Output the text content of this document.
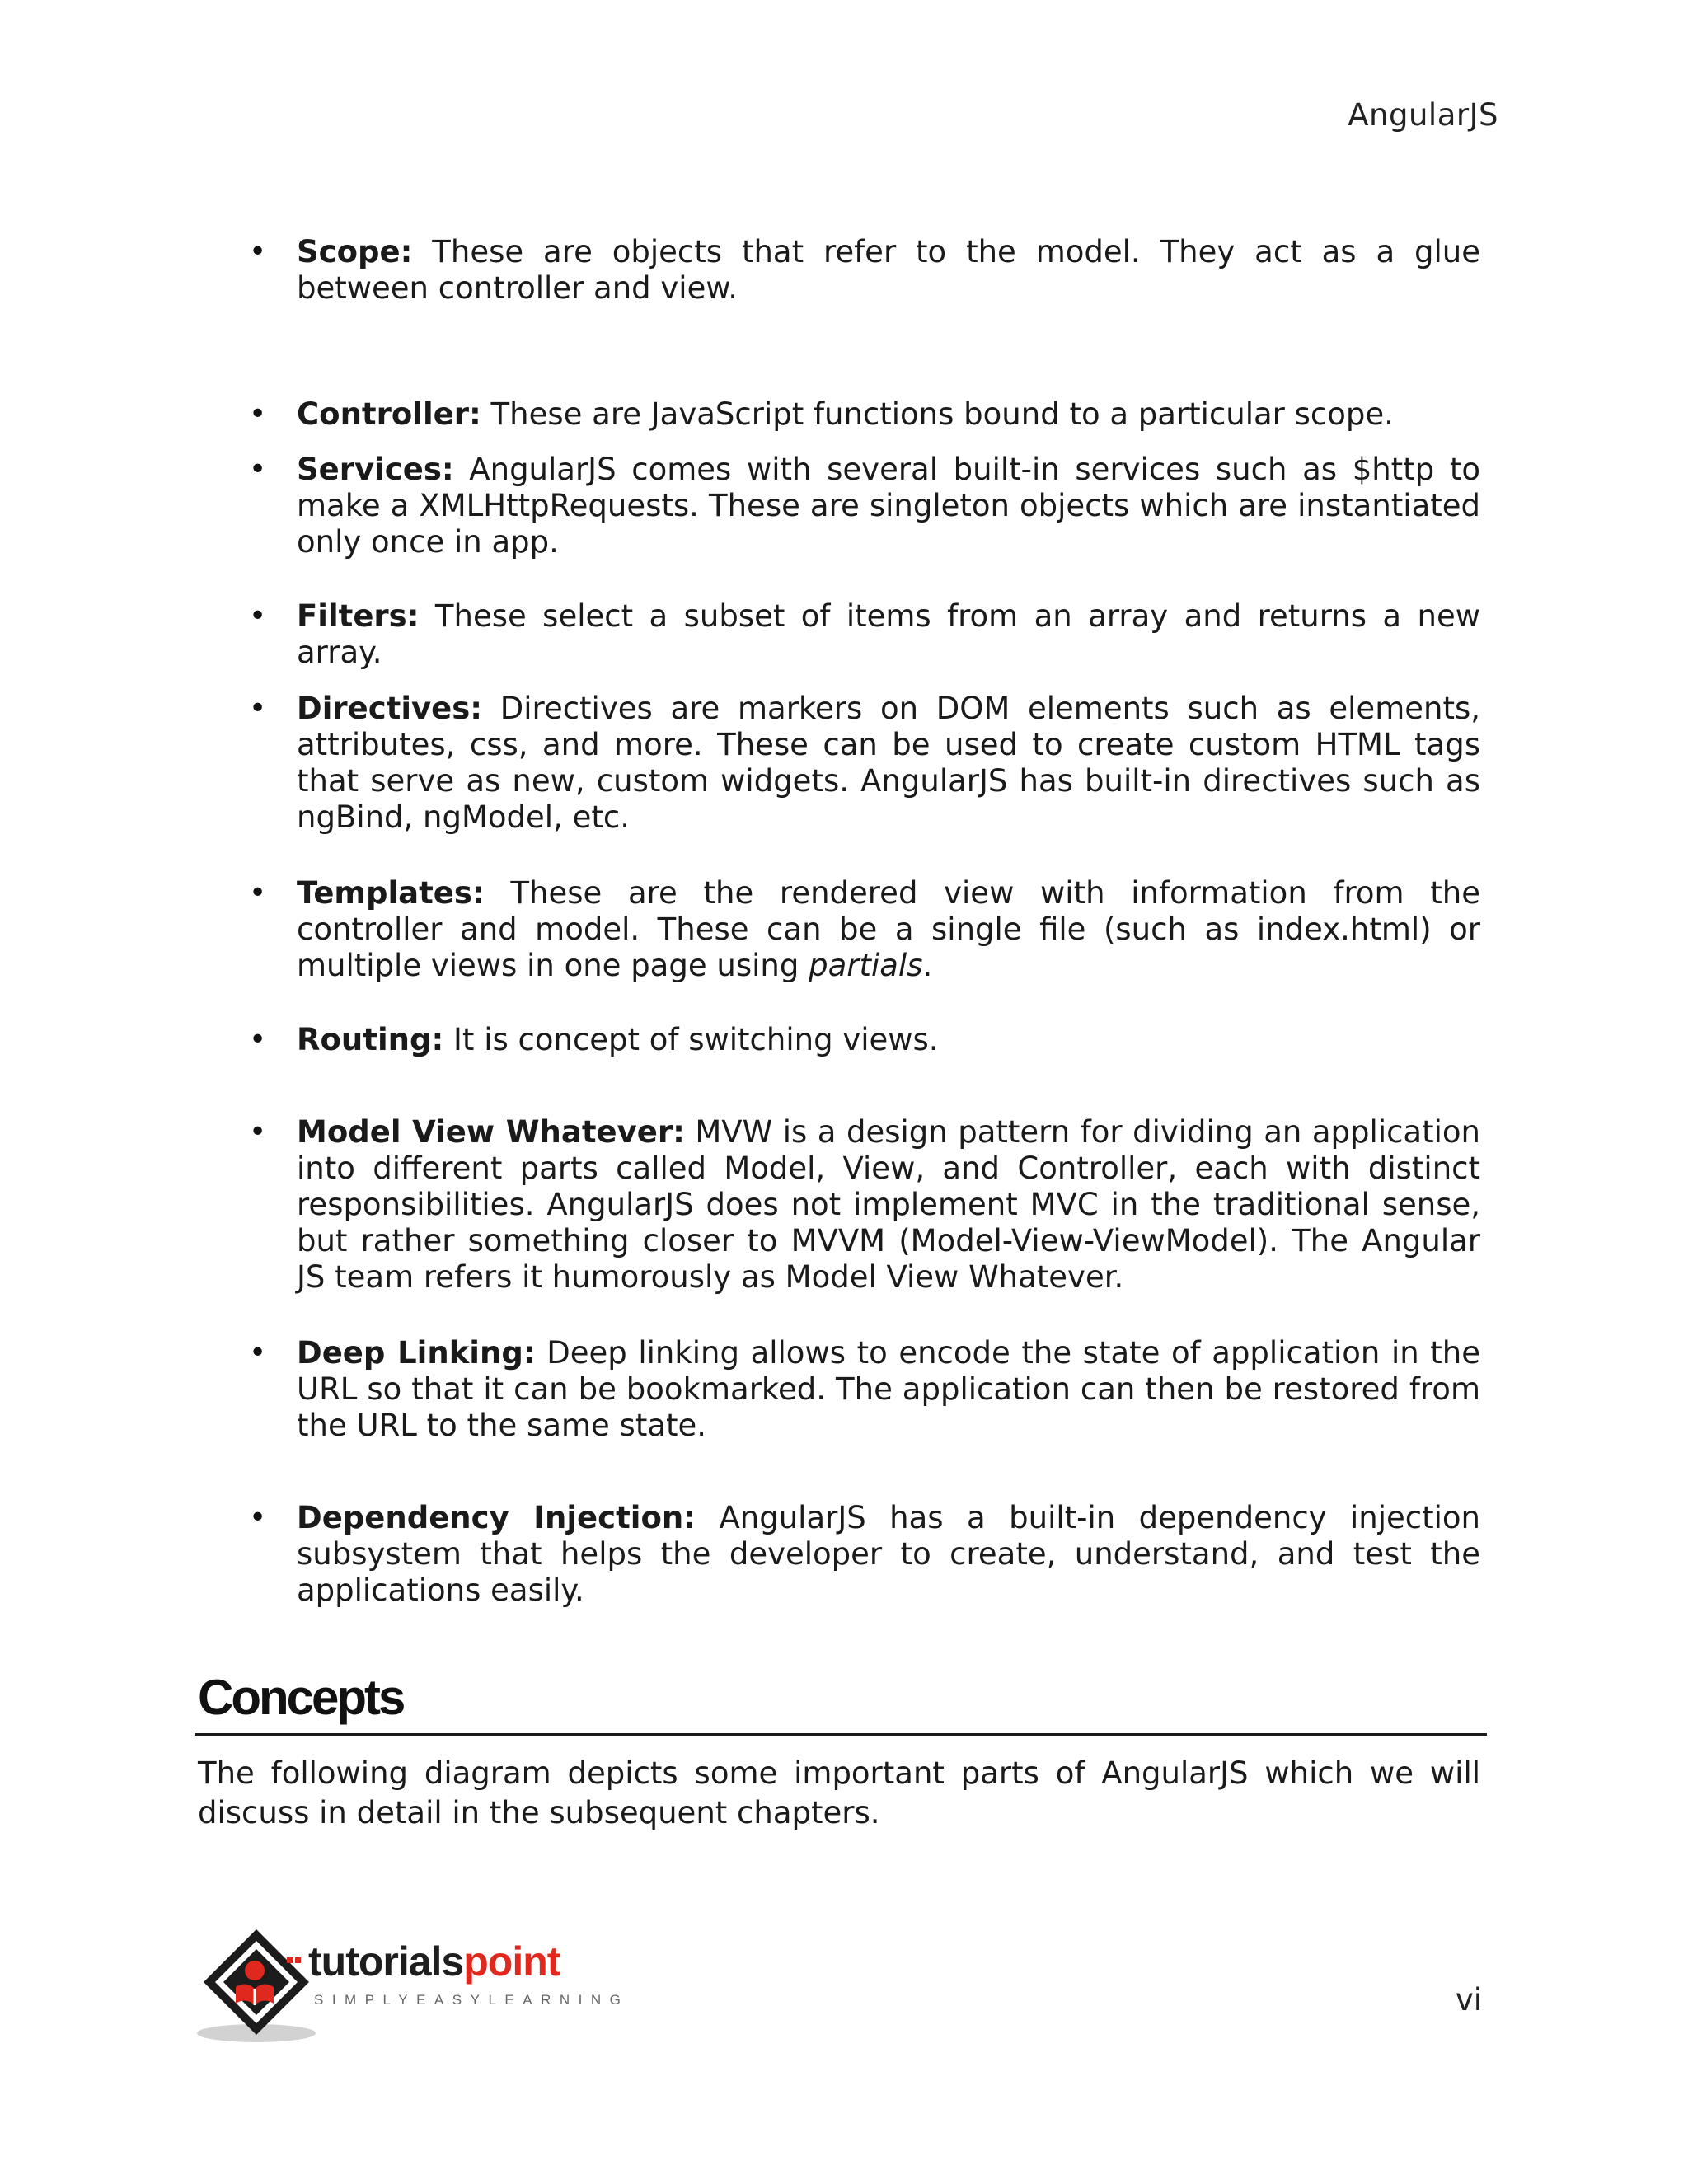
AngularJS
• Scope: These are objects that refer to the model. They act as a glue between controller and view.
• Controller: These are JavaScript functions bound to a particular scope.
• Services: AngularJS comes with several built-in services such as $http to make a XMLHttpRequests. These are singleton objects which are instantiated only once in app.
• Filters: These select a subset of items from an array and returns a new array.
• Directives: Directives are markers on DOM elements such as elements, attributes, css, and more. These can be used to create custom HTML tags that serve as new, custom widgets. AngularJS has built-in directives such as ngBind, ngModel, etc.
• Templates: These are the rendered view with information from the controller and model. These can be a single file (such as index.html) or multiple views in one page using partials.
• Routing: It is concept of switching views.
• Model View Whatever: MVW is a design pattern for dividing an application into different parts called Model, View, and Controller, each with distinct responsibilities. AngularJS does not implement MVC in the traditional sense, but rather something closer to MVVM (Model-View-ViewModel). The Angular JS team refers it humorously as Model View Whatever.
• Deep Linking: Deep linking allows to encode the state of application in the URL so that it can be bookmarked. The application can then be restored from the URL to the same state.
• Dependency Injection: AngularJS has a built-in dependency injection subsystem that helps the developer to create, understand, and test the applications easily.
Concepts

The following diagram depicts some important parts of AngularJS which we will discuss in detail in the subsequent chapters.

tutorialspoint
SIMPLYEASYLEARNING	vi
